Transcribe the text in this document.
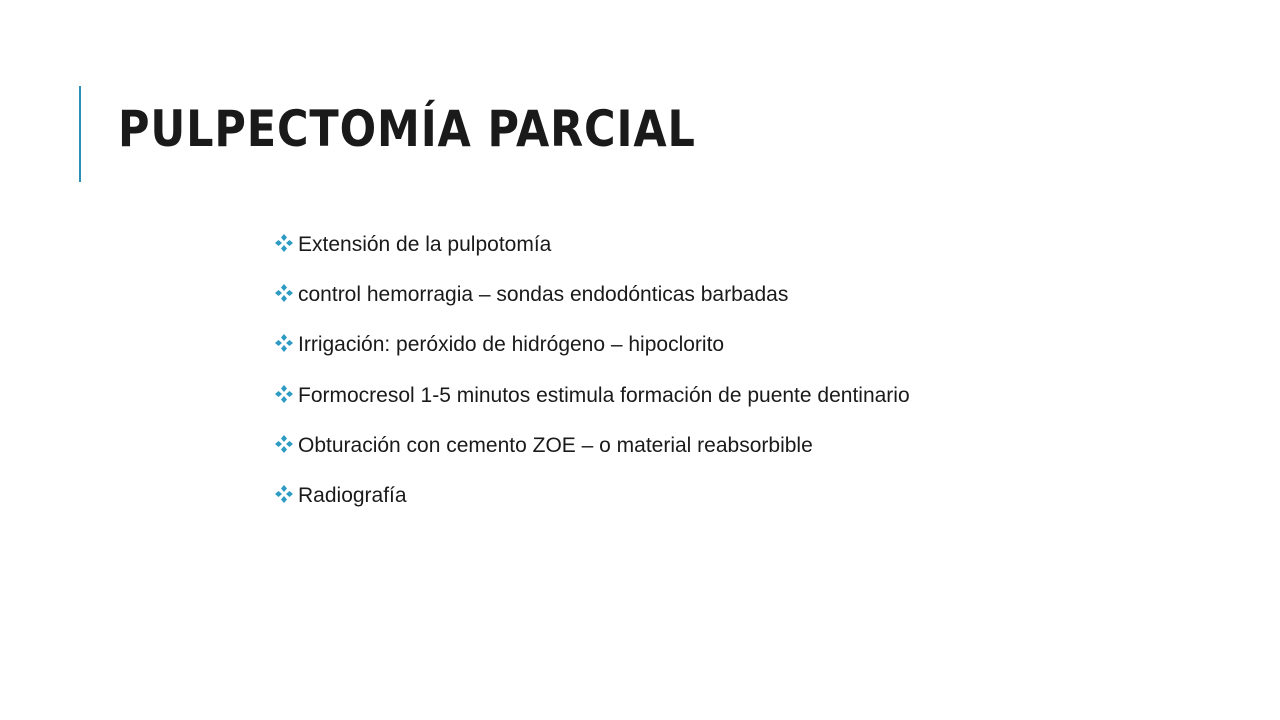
PULPECTOMÍA PARCIAL
Extensión de la pulpotomía
control hemorragia – sondas endodónticas barbadas
Irrigación: peróxido de hidrógeno – hipoclorito
Formocresol 1-5 minutos estimula formación de puente dentinario
Obturación con cemento ZOE – o material reabsorbible
Radiografía
